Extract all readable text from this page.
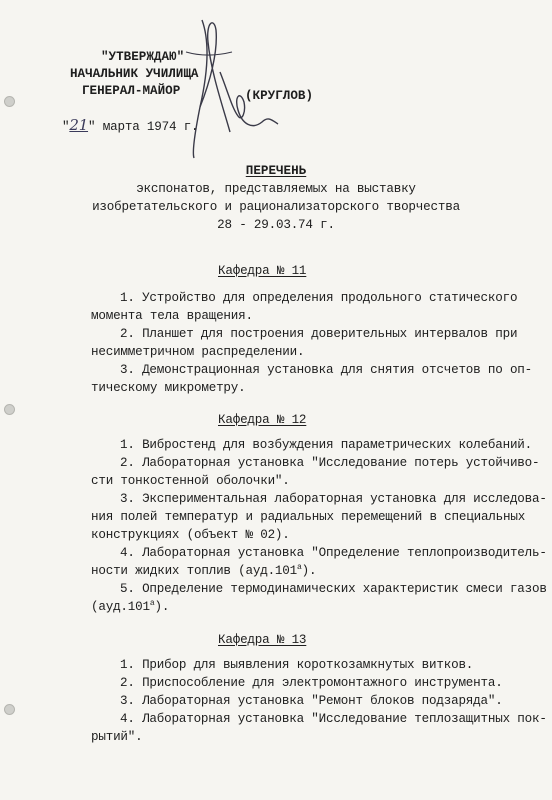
"УТВЕРЖДАЮ"
НАЧАЛЬНИК УЧИЛИЩА
ГЕНЕРАЛ-МАЙОР	(КРУГЛОВ)
"21" марта 1974 г.
ПЕРЕЧЕНЬ
экспонатов, представляемых на выставку
изобретательского и рационализаторского творчества
28 - 29.03.74 г.
Кафедра № 11
1. Устройство для определения продольного статического
момента тела вращения.
2. Планшет для построения доверительных интервалов при
несимметричном распределении.
3. Демонстрационная установка для снятия отсчетов по оп-
тическому микрометру.
Кафедра № 12
1. Вибростенд для возбуждения параметрических колебаний.
2. Лабораторная установка "Исследование потерь устойчиво-
сти тонкостенной оболочки".
3. Экспериментальная лабораторная установка для исследова-
ния полей температур и радиальных перемещений в специальных
конструкциях (объект № 02).
4. Лабораторная установка "Определение теплопроизводитель-
ности жидких топлив (ауд.101$^a$).
5. Определение термодинамических характеристик смеси газов
(ауд.101$^a$).
Кафедра № 13
1. Прибор для выявления короткозамкнутых витков.
2. Приспособление для электромонтажного инструмента.
3. Лабораторная установка "Ремонт блоков подзаряда".
4. Лабораторная установка "Исследование теплозащитных пок-
рытий".
